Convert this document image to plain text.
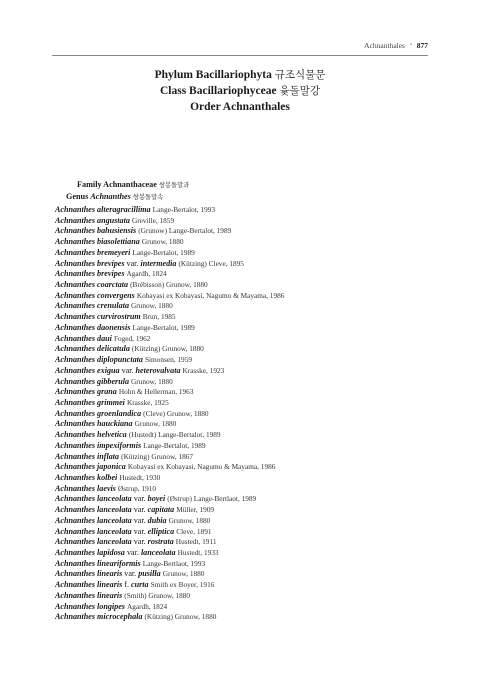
Achnanthales • 877
Phylum Bacillariophyta 규조식물문
Class Bacillariophyceae 윷돌말강
Order Achnanthales
Family Achnanthaceae 쌍봉돌말과
Genus Achnanthes 쌍봉돌말속
Achnanthes alteragracillima Lange-Bertalot, 1993
Achnanthes angustata Greville, 1859
Achnanthes bahusiensis (Grunow) Lange-Bertalot, 1989
Achnanthes biasolettiana Grunow, 1880
Achnanthes bremeyeri Lange-Bertalot, 1989
Achnanthes brevipes var. intermedia (Kützing) Cleve, 1895
Achnanthes brevipes Agardh, 1824
Achnanthes coarctata (Brébisson) Grunow, 1880
Achnanthes convergens Kobayasi ex Kobayasi, Nagumo & Mayama, 1986
Achnanthes crenulata Grunow, 1880
Achnanthes curvirostrum Brun, 1985
Achnanthes daonensis Lange-Bertalot, 1989
Achnanthes daui Foged, 1962
Achnanthes delicatula (Kützing) Grunow, 1880
Achnanthes diplopunctata Simonsen, 1959
Achnanthes exigua var. heterovalvata Krasske, 1923
Achnanthes gibberula Grunow, 1880
Achnanthes grana Hohn & Hellerman, 1963
Achnanthes grimmei Krasske, 1925
Achnanthes groenlandica (Cleve) Grunow, 1880
Achnanthes hauckiana Grunow, 1880
Achnanthes helvetica (Hustedt) Lange-Bertalot, 1989
Achnanthes impexiformis Lange-Bertalot, 1989
Achnanthes inflata (Kützing) Grunow, 1867
Achnanthes japonica Kobayasi ex Kobayasi, Nagumo & Mayama, 1986
Achnanthes kolbei Hustedt, 1930
Achnanthes laevis Østrup, 1910
Achnanthes lanceolata var. boyei (Østrup) Lange-Bertlaot, 1989
Achnanthes lanceolata var. capitata Müller, 1909
Achnanthes lanceolata var. dubia Grunow, 1880
Achnanthes lanceolata var. elliptica Cleve, 1891
Achnanthes lanceolata var. rostrata Hustedt, 1911
Achnanthes lapidosa var. lanceolata Hustedt, 1933
Achnanthes lineariformis Lange-Bertlaot, 1993
Achnanthes linearis var. pusilla Grunow, 1880
Achnanthes linearis f. curta Smith ex Boyer, 1916
Achnanthes linearis (Smith) Grunow, 1880
Achnanthes longipes Agardh, 1824
Achnanthes microcephala (Kützing) Grunow, 1880
